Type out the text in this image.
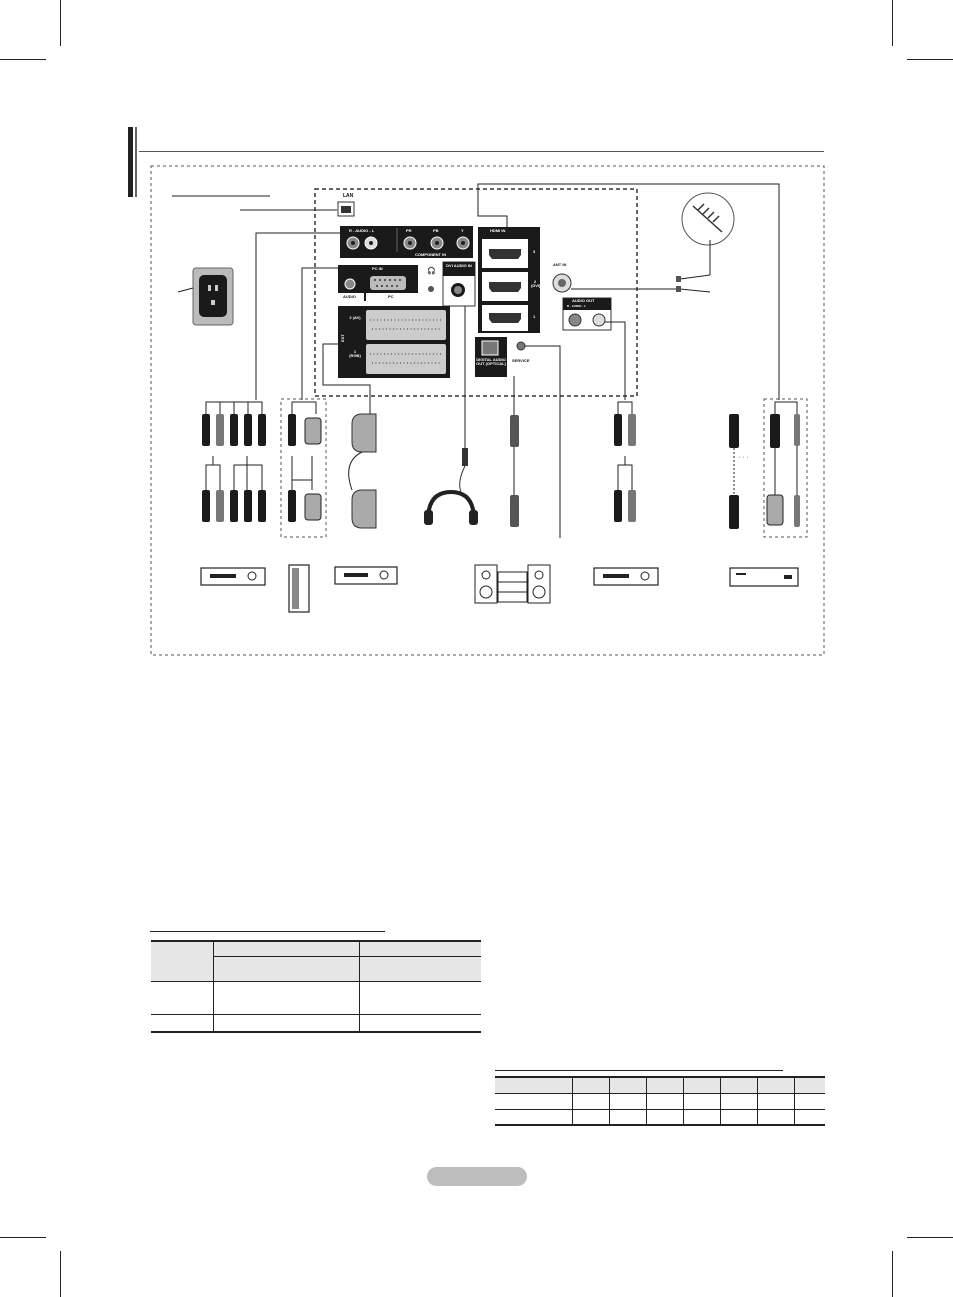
· · ·
LAN
R - AUDIO - L	PR	PB	Y
COMPONENT IN
PC IN
AUDIO	PC
🎧
DVI AUDIO IN
EXT
2 (AV)
1 (RGB)
HDMI IN
3
2 (DVI)
1
DIGITAL AUDIO OUT (OPTICAL)
SERVICE
ANT IN
AUDIO OUT
R - AUDIO - L
